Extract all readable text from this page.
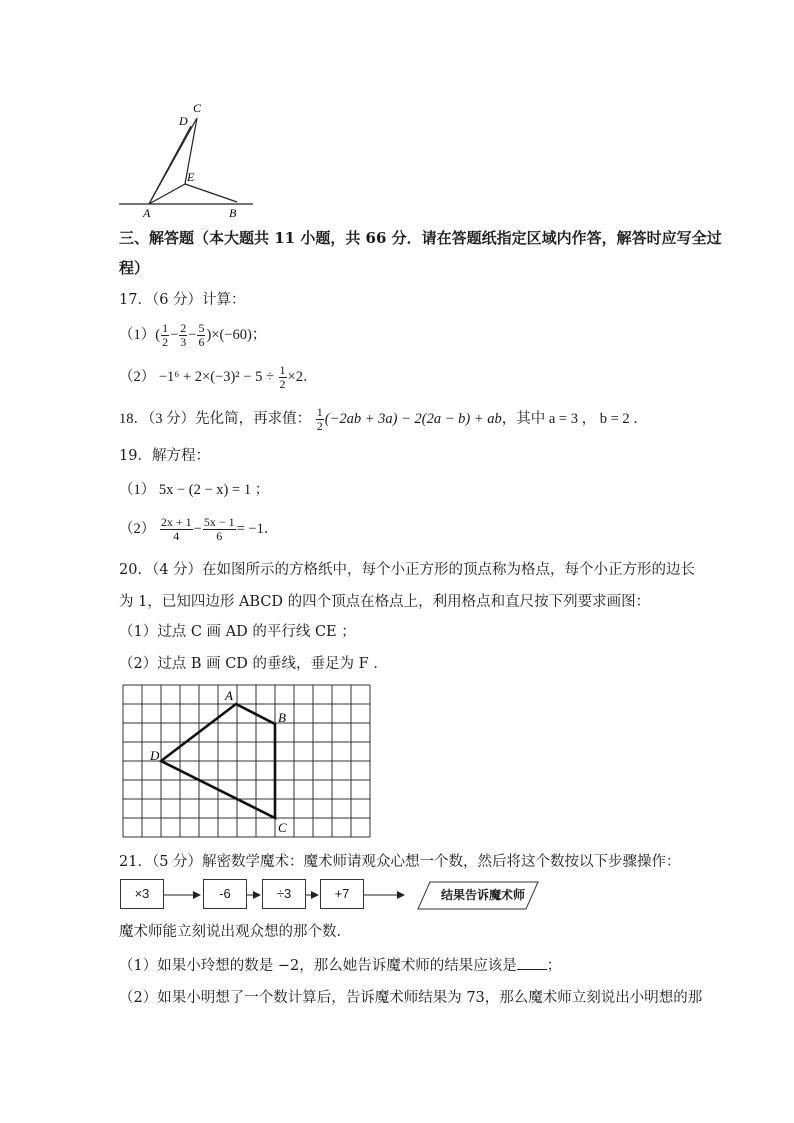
C
D
E
A	B
三、解答题（本大题共 11 小题，共 66 分．请在答题纸指定区域内作答，解答时应写全过
程）
17．（6 分）计算：
$(1)( \frac{1}{2} - \frac{2}{3} - \frac{5}{6} )\times(-60)$；
$(2) -1^6 + 2\times(-3)^2 - 5 \div \frac{1}{2} \times 2$．
18．（3 分）先化简，再求值： $\frac{1}{2} (-2ab + 3a) - 2(2a - b)$ + ab，其中 a = 3 ， b = 2 ．
19．解方程：
（1） 5x − (2 − x) = 1 ；
$(2) \frac{2x + 1}{4} - \frac{5x - 1}{6} = -1$．
20．（4 分）在如图所示的方格纸中，每个小正方形的顶点称为格点，每个小正方形的边长
为 1，已知四边形 ABCD 的四个顶点在格点上，利用格点和直尺按下列要求画图：
（1）过点 C 画 AD 的平行线 CE ；
（2）过点 B 画 CD 的垂线，垂足为 F ．
A
B
C
D
21．（5 分）解密数学魔术：魔术师请观众心想一个数，然后将这个数按以下步骤操作：
×3	-6	÷3	+7	结果告诉魔术师
魔术师能立刻说出观众想的那个数．
（1）如果小玲想的数是 −2，那么她告诉魔术师的结果应该是 ；
（2）如果小明想了一个数计算后，告诉魔术师结果为 73，那么魔术师立刻说出小明想的那
